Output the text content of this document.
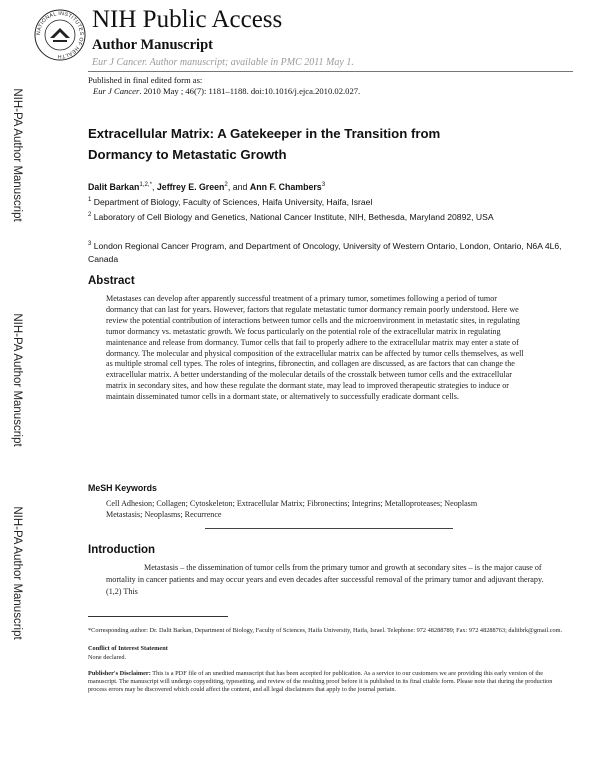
NATIONAL INSTITUTES OF HEALTH
NIH Public Access
Author Manuscript
Eur J Cancer. Author manuscript; available in PMC 2011 May 1.
Published in final edited form as:
Eur J Cancer. 2010 May ; 46(7): 1181–1188. doi:10.1016/j.ejca.2010.02.027.
NIH-PA Author Manuscript
NIH-PA Author Manuscript
NIH-PA Author Manuscript
Extracellular Matrix: A Gatekeeper in the Transition from
Dormancy to Metastatic Growth
Dalit Barkan$^{1,2,*}$, Jeffrey E. Green$^2$, and Ann F. Chambers$^3$
$^1$ Department of Biology, Faculty of Sciences, Haifa University, Haifa, Israel
$^2$ Laboratory of Cell Biology and Genetics, National Cancer Institute, NIH, Bethesda, Maryland 20892, USA
$^3$ London Regional Cancer Program, and Department of Oncology, University of Western Ontario, London, Ontario, N6A 4L6, Canada
Abstract
Metastases can develop after apparently successful treatment of a primary tumor, sometimes following a period of tumor dormancy that can last for years. However, factors that regulate metastatic tumor dormancy remain poorly understood. Here we review the potential contribution of interactions between tumor cells and the microenvironment in metastatic sites, in regulating tumor dormancy vs. metastatic growth. We focus particularly on the potential role of the extracellular matrix in regulating maintenance and release from dormancy. Tumor cells that fail to properly adhere to the extracellular matrix may enter a state of dormancy. The molecular and physical composition of the extracellular matrix can be affected by tumor cells themselves, as well as multiple stromal cell types. The roles of integrins, fibronectin, and collagen are discussed, as are factors that can change the extracellular matrix. A better understanding of the molecular details of the crosstalk between tumor cells and the extracellular matrix in secondary sites, and how these regulate the dormant state, may lead to improved therapeutic strategies to induce or maintain disseminated tumor cells in a dormant state, or alternatively to successfully eradicate dormant cells.
MeSH Keywords
Cell Adhesion; Collagen; Cytoskeleton; Extracellular Matrix; Fibronectins; Integrins; Metalloproteases; Neoplasm Metastasis; Neoplasms; Recurrence
Introduction
Metastasis – the dissemination of tumor cells from the primary tumor and growth at secondary sites – is the major cause of mortality in cancer patients and may occur years and even decades after successful removal of the primary tumor and adjuvant therapy.(1,2) This
*Corresponding author: Dr. Dalit Barkan, Department of Biology, Faculty of Sciences, Haifa University, Haifa, Israel. Telephone: 972 48288789; Fax: 972 48288763; dalitbrk@gmail.com.
Conflict of Interest Statement
None declared.
Publisher's Disclaimer: This is a PDF file of an unedited manuscript that has been accepted for publication. As a service to our customers we are providing this early version of the manuscript. The manuscript will undergo copyediting, typesetting, and review of the resulting proof before it is published in its final citable form. Please note that during the production process errors may be discovered which could affect the content, and all legal disclaimers that apply to the journal pertain.
